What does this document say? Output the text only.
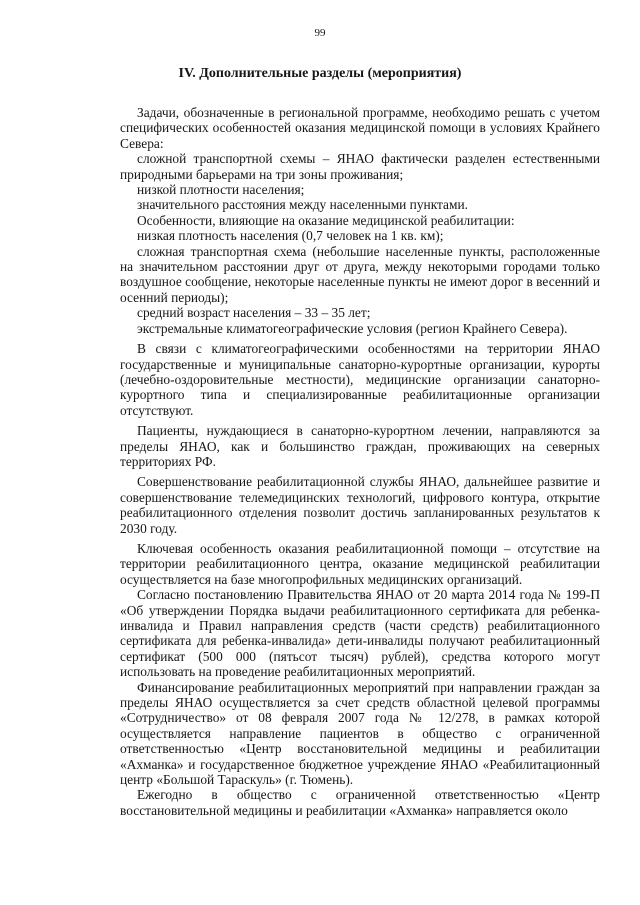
99
IV. Дополнительные разделы (мероприятия)

Задачи, обозначенные в региональной программе, необходимо решать с учетом специфических особенностей оказания медицинской помощи в условиях Крайнего Севера:

сложной транспортной схемы – ЯНАО фактически разделен естественными природными барьерами на три зоны проживания;

низкой плотности населения;

значительного расстояния между населенными пунктами.

Особенности, влияющие на оказание медицинской реабилитации:

низкая плотность населения (0,7 человек на 1 кв. км);

сложная транспортная схема (небольшие населенные пункты, расположенные на значительном расстоянии друг от друга, между некоторыми городами только воздушное сообщение, некоторые населенные пункты не имеют дорог в весенний и осенний периоды);

средний возраст населения – 33 – 35 лет;

экстремальные климатогеографические условия (регион Крайнего Севера).

В связи с климатогеографическими особенностями на территории ЯНАО государственные и муниципальные санаторно-курортные организации, курорты (лечебно-оздоровительные местности), медицинские организации санаторно-курортного типа и специализированные реабилитационные организации отсутствуют.

Пациенты, нуждающиеся в санаторно-курортном лечении, направляются за пределы ЯНАО, как и большинство граждан, проживающих на северных территориях РФ.

Совершенствование реабилитационной службы ЯНАО, дальнейшее развитие и совершенствование телемедицинских технологий, цифрового контура, открытие реабилитационного отделения позволит достичь запланированных результатов к 2030 году.

Ключевая особенность оказания реабилитационной помощи – отсутствие на территории реабилитационного центра, оказание медицинской реабилитации осуществляется на базе многопрофильных медицинских организаций.

Согласно постановлению Правительства ЯНАО от 20 марта 2014 года № 199-П «Об утверждении Порядка выдачи реабилитационного сертификата для ребенка-инвалида и Правил направления средств (части средств) реабилитационного сертификата для ребенка-инвалида» дети-инвалиды получают реабилитационный сертификат (500 000 (пятьсот тысяч) рублей), средства которого могут использовать на проведение реабилитационных мероприятий.

Финансирование реабилитационных мероприятий при направлении граждан за пределы ЯНАО осуществляется за счет средств областной целевой программы «Сотрудничество» от 08 февраля 2007 года № 12/278, в рамках которой осуществляется направление пациентов в общество с ограниченной ответственностью «Центр восстановительной медицины и реабилитации «Ахманка» и государственное бюджетное учреждение ЯНАО «Реабилитационный центр «Большой Тараскуль» (г. Тюмень).

Ежегодно в общество с ограниченной ответственностью «Центр восстановительной медицины и реабилитации «Ахманка» направляется около
